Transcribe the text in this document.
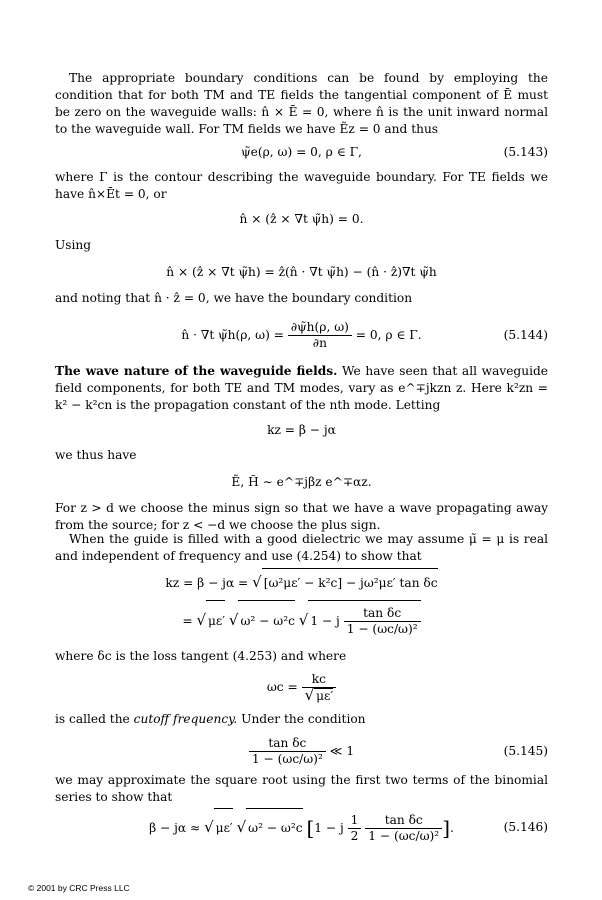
The appropriate boundary conditions can be found by employing the condition that for both TM and TE fields the tangential component of Ē must be zero on the waveguide walls: n̂ × Ē = 0, where n̂ is the unit inward normal to the waveguide wall. For TM fields we have Ẽz = 0 and thus

ψ̃e(ρ, ω) = 0, ρ ∈ Γ,	(5.143)

where Γ is the contour describing the waveguide boundary. For TE fields we have n̂×Ēt = 0, or

n̂ × (ẑ × ∇t ψ̃h) = 0.

Using

n̂ × (ẑ × ∇t ψ̃h) = ẑ(n̂ · ∇t ψ̃h) − (n̂ · ẑ)∇t ψ̃h

and noting that n̂ · ẑ = 0, we have the boundary condition

n̂ · ∇t ψ̃h(ρ, $\omega) = \frac{\partial\psĩh(\rho, \omega)}{\partial n} = 0$, ρ ∈ Γ.	(5.144)

The wave nature of the waveguide fields. We have seen that all waveguide field components, for both TE and TM modes, vary as e^∓jkzn z. Here k²zn = k² − k²cn is the propagation constant of the nth mode. Letting

kz = β − jα

we thus have

Ẽ, H̃ ∼ e^∓jβz e^∓αz.

For z > d we choose the minus sign so that we have a wave propagating away from the source; for z < −d we choose the plus sign.

When the guide is filled with a good dielectric we may assume μ̃ = μ is real and independent of frequency and use (4.254) to show that

kz = β − jα = √ [ω²με′ − k²c] − jω²με′ tan δc
= √ με′ √ ω² − ω²c √ 1 − j $\frac{\text{tan δc}}{\text{1 − (ωc/ω)²}}$

where δc is the loss tangent (4.253) and where

$\omega c = \frac{kc}{√ \mu\varepsilon'}$

is called the cutoff frequency. Under the condition

$\frac{\text{tan δc}}{\text{1 − (ωc/ω)²}}$ ≪ 1	(5.145)

we may approximate the square root using the first two terms of the binomial series to show that

β − jα ≈ √ με′ √ ω² − ω²c [1 − j $\frac{1}{2}$
$\frac{\text{tan δc}}{\text{1 − (ωc/ω)²}}$ ].	(5.146)
© 2001 by CRC Press LLC
